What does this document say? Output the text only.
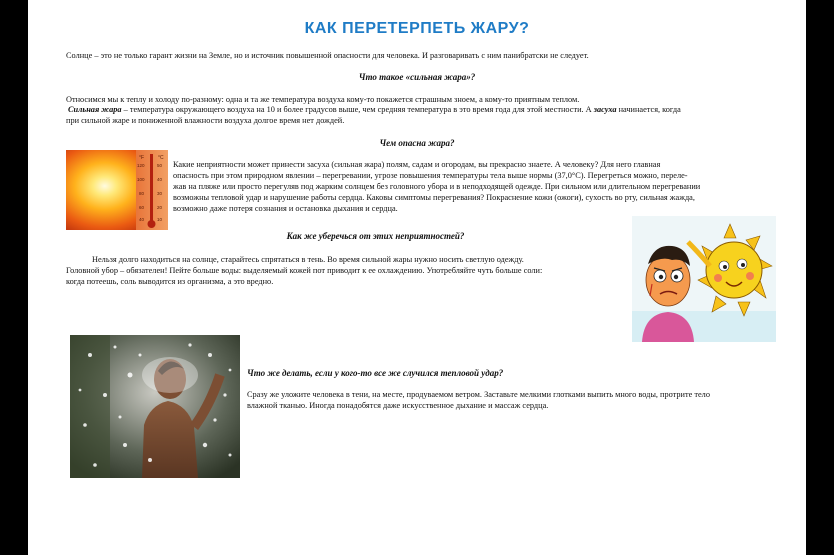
КАК ПЕРЕТЕРПЕТЬ ЖАРУ?

Солнце – это не только гарант жизни на Земле, но и источник повышенной опасности для человека. И разговаривать с ним панибратски не следует.

Что такое «сильная жара»?

Относимся мы к теплу и холоду по-разному: одна и та же температура воздуха кому-то покажется страшным зноем, а кому-то приятным теплом.

Сильная жара – температура окружающего воздуха на 10 и более градусов выше, чем средняя температура в это время года для этой местности. А засуха начинается, когда

при сильной жаре и пониженной влажности воздуха долгое время нет дождей.

Чем опасна жара?

°F	°C
120
100
80
60
40
50
40
30
20
10

Какие неприятности может принести засуха (сильная жара) полям, садам и огородам, вы прекрасно знаете. А человеку? Для него главная

опасность при этом природном явлении – перегревании, угрозе повышения температуры тела выше нормы (37,0°С). Перегреться можно, переле-

жав на пляже или просто перегуляв под жарким солнцем без головного убора и в неподходящей одежде. При сильном или длительном перегревании

возможны тепловой удар и нарушение работы сердца. Каковы симптомы перегревания? Покраснение кожи (ожоги), сухость во рту, сильная жажда,

возможно даже потеря сознания и остановка дыхания и сердца.

Как же уберечься от этих неприятностей?

Нельзя долго находиться на солнце, старайтесь спрятаться в тень. Во время сильной жары нужно носить светлую одежду.

Головной убор – обязателен! Пейте больше воды: выделяемый кожей пот приводит к ее охлаждению. Употребляйте чуть больше соли:

когда потеешь, соль выводится из организма, а это вредно.

Что же делать, если у кого-то все же случился тепловой удар?

Сразу же уложите человека в тени, на месте, продуваемом ветром. Заставьте мелкими глотками выпить много воды, протрите тело

влажной тканью. Иногда понадобятся даже искусственное дыхание и массаж сердца.
